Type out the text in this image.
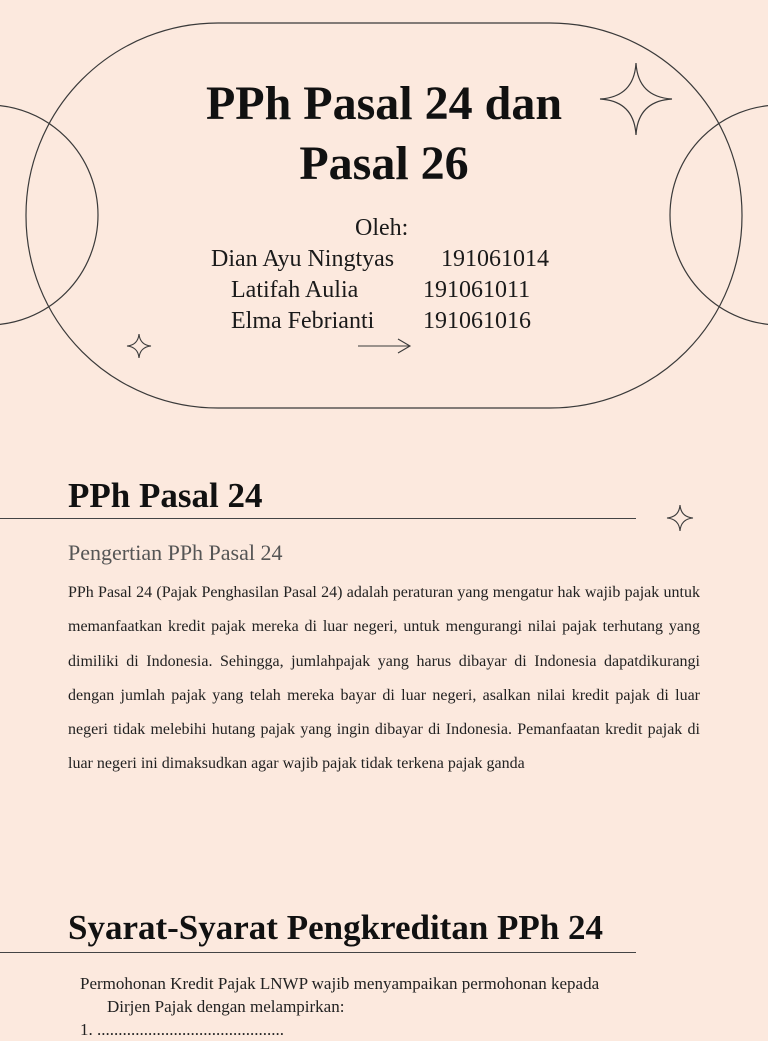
PPh Pasal 24 dan
Pasal 26
Oleh:
Dian Ayu Ningtyas 191061014
Latifah Aulia	191061011
Elma Febrianti 191061016
PPh Pasal 24
Pengertian PPh Pasal 24

PPh Pasal 24 (Pajak Penghasilan Pasal 24) adalah peraturan yang mengatur hak wajib pajak untuk memanfaatkan kredit pajak mereka di luar negeri, untuk mengurangi nilai pajak terhutang yang dimiliki di Indonesia. Sehingga, jumlahpajak yang harus dibayar di Indonesia dapatdikurangi dengan jumlah pajak yang telah mereka bayar di luar negeri, asalkan nilai kredit pajak di luar negeri tidak melebihi hutang pajak yang ingin dibayar di Indonesia. Pemanfaatan kredit pajak di luar negeri ini dimaksudkan agar wajib pajak tidak terkena pajak ganda

Syarat-Syarat Pengkreditan PPh 24
Permohonan Kredit Pajak LNWP wajib menyampaikan permohonan kepada
Dirjen Pajak dengan melampirkan:
1. ............................................
